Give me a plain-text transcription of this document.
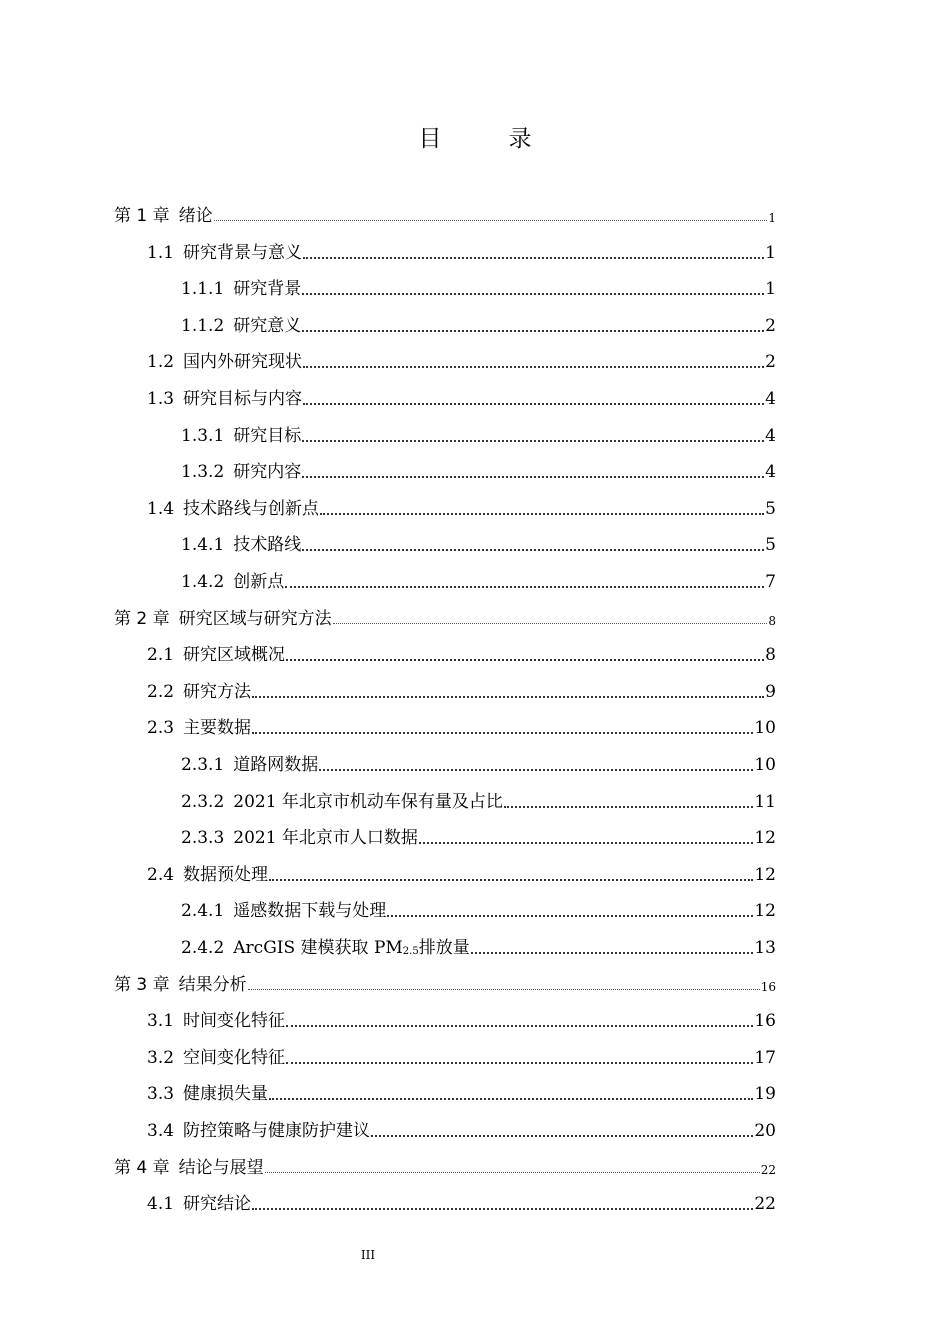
目　录
第 1 章 绪论	1
1.1 研究背景与意义	1
1.1.1 研究背景	1
1.1.2 研究意义	2
1.2 国内外研究现状	2
1.3 研究目标与内容	4
1.3.1 研究目标	4
1.3.2 研究内容	4
1.4 技术路线与创新点	5
1.4.1 技术路线	5
1.4.2 创新点	7
第 2 章 研究区域与研究方法	8
2.1 研究区域概况	8
2.2 研究方法	9
2.3 主要数据	10
2.3.1 道路网数据	10
2.3.2 2021 年北京市机动车保有量及占比	11
2.3.3 2021 年北京市人口数据	12
2.4 数据预处理	12
2.4.1 遥感数据下载与处理	12
2.4.2 ArcGIS 建模获取 $PM_{2.5}$排放量	13
第 3 章 结果分析	16
3.1 时间变化特征	16
3.2 空间变化特征	17
3.3 健康损失量	19
3.4 防控策略与健康防护建议	20
第 4 章 结论与展望	22
4.1 研究结论	22
III
